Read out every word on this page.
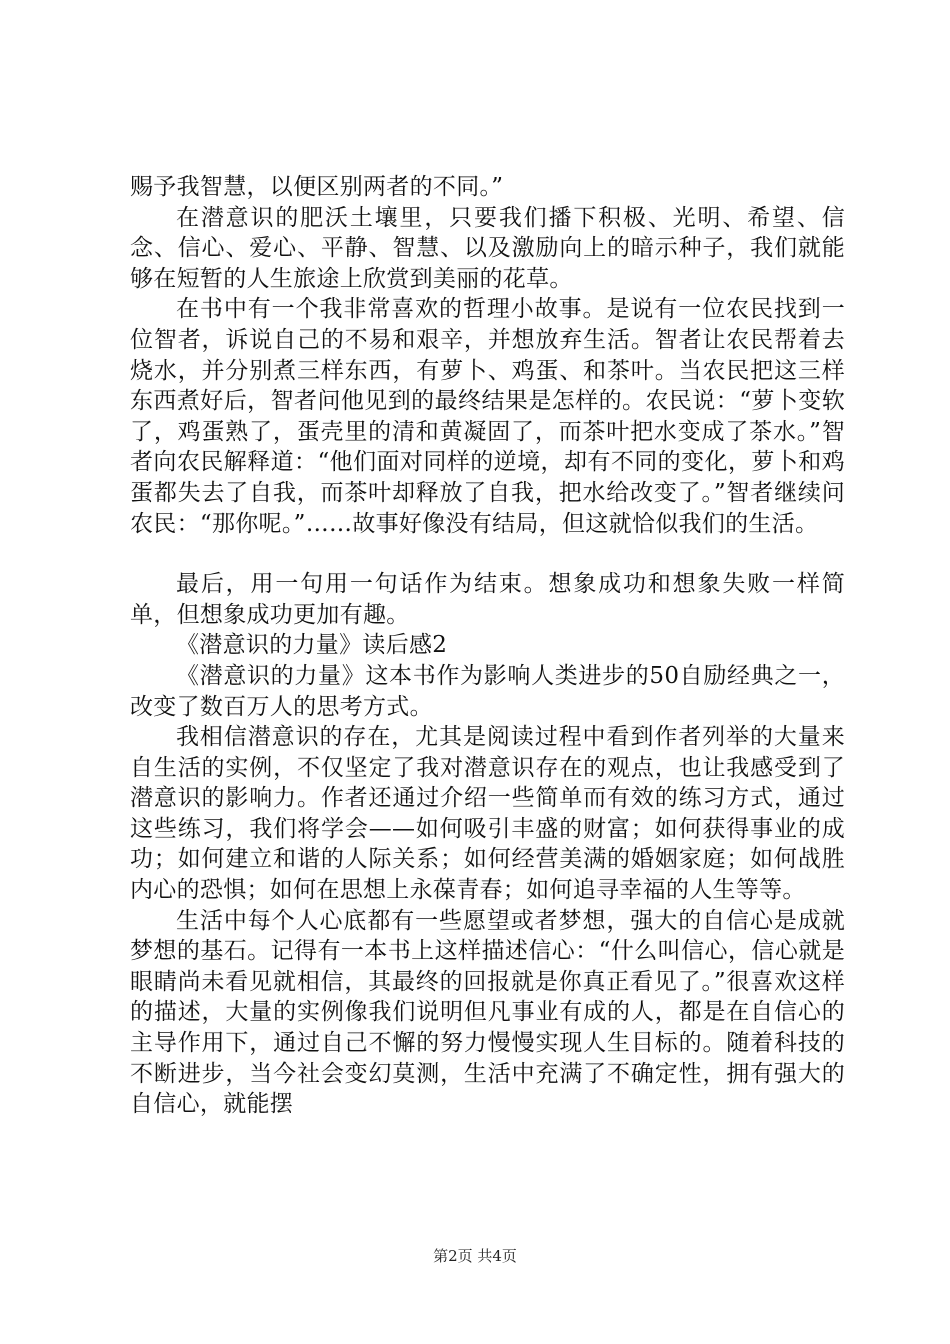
赐予我智慧，以便区别两者的不同。”

在潜意识的肥沃土壤里，只要我们播下积极、光明、希望、信念、信心、爱心、平静、智慧、以及激励向上的暗示种子，我们就能够在短暂的人生旅途上欣赏到美丽的花草。

在书中有一个我非常喜欢的哲理小故事。是说有一位农民找到一位智者，诉说自己的不易和艰辛，并想放弃生活。智者让农民帮着去烧水，并分别煮三样东西，有萝卜、鸡蛋、和茶叶。当农民把这三样东西煮好后，智者问他见到的最终结果是怎样的。农民说：“萝卜变软了，鸡蛋熟了，蛋壳里的清和黄凝固了，而茶叶把水变成了茶水。”智者向农民解释道：“他们面对同样的逆境，却有不同的变化，萝卜和鸡蛋都失去了自我，而茶叶却释放了自我，把水给改变了。”智者继续问农民：“那你呢。”……故事好像没有结局，但这就恰似我们的生活。

最后，用一句用一句话作为结束。想象成功和想象失败一样简单，但想象成功更加有趣。

《潜意识的力量》读后感2

《潜意识的力量》这本书作为影响人类进步的50自励经典之一，改变了数百万人的思考方式。

我相信潜意识的存在，尤其是阅读过程中看到作者列举的大量来自生活的实例，不仅坚定了我对潜意识存在的观点，也让我感受到了潜意识的影响力。作者还通过介绍一些简单而有效的练习方式，通过这些练习，我们将学会——如何吸引丰盛的财富；如何获得事业的成功；如何建立和谐的人际关系；如何经营美满的婚姻家庭；如何战胜内心的恐惧；如何在思想上永葆青春；如何追寻幸福的人生等等。

生活中每个人心底都有一些愿望或者梦想，强大的自信心是成就梦想的基石。记得有一本书上这样描述信心：“什么叫信心，信心就是眼睛尚未看见就相信，其最终的回报就是你真正看见了。”很喜欢这样的描述，大量的实例像我们说明但凡事业有成的人，都是在自信心的主导作用下，通过自己不懈的努力慢慢实现人生目标的。随着科技的不断进步，当今社会变幻莫测，生活中充满了不确定性，拥有强大的自信心，就能摆

第2页 共4页
